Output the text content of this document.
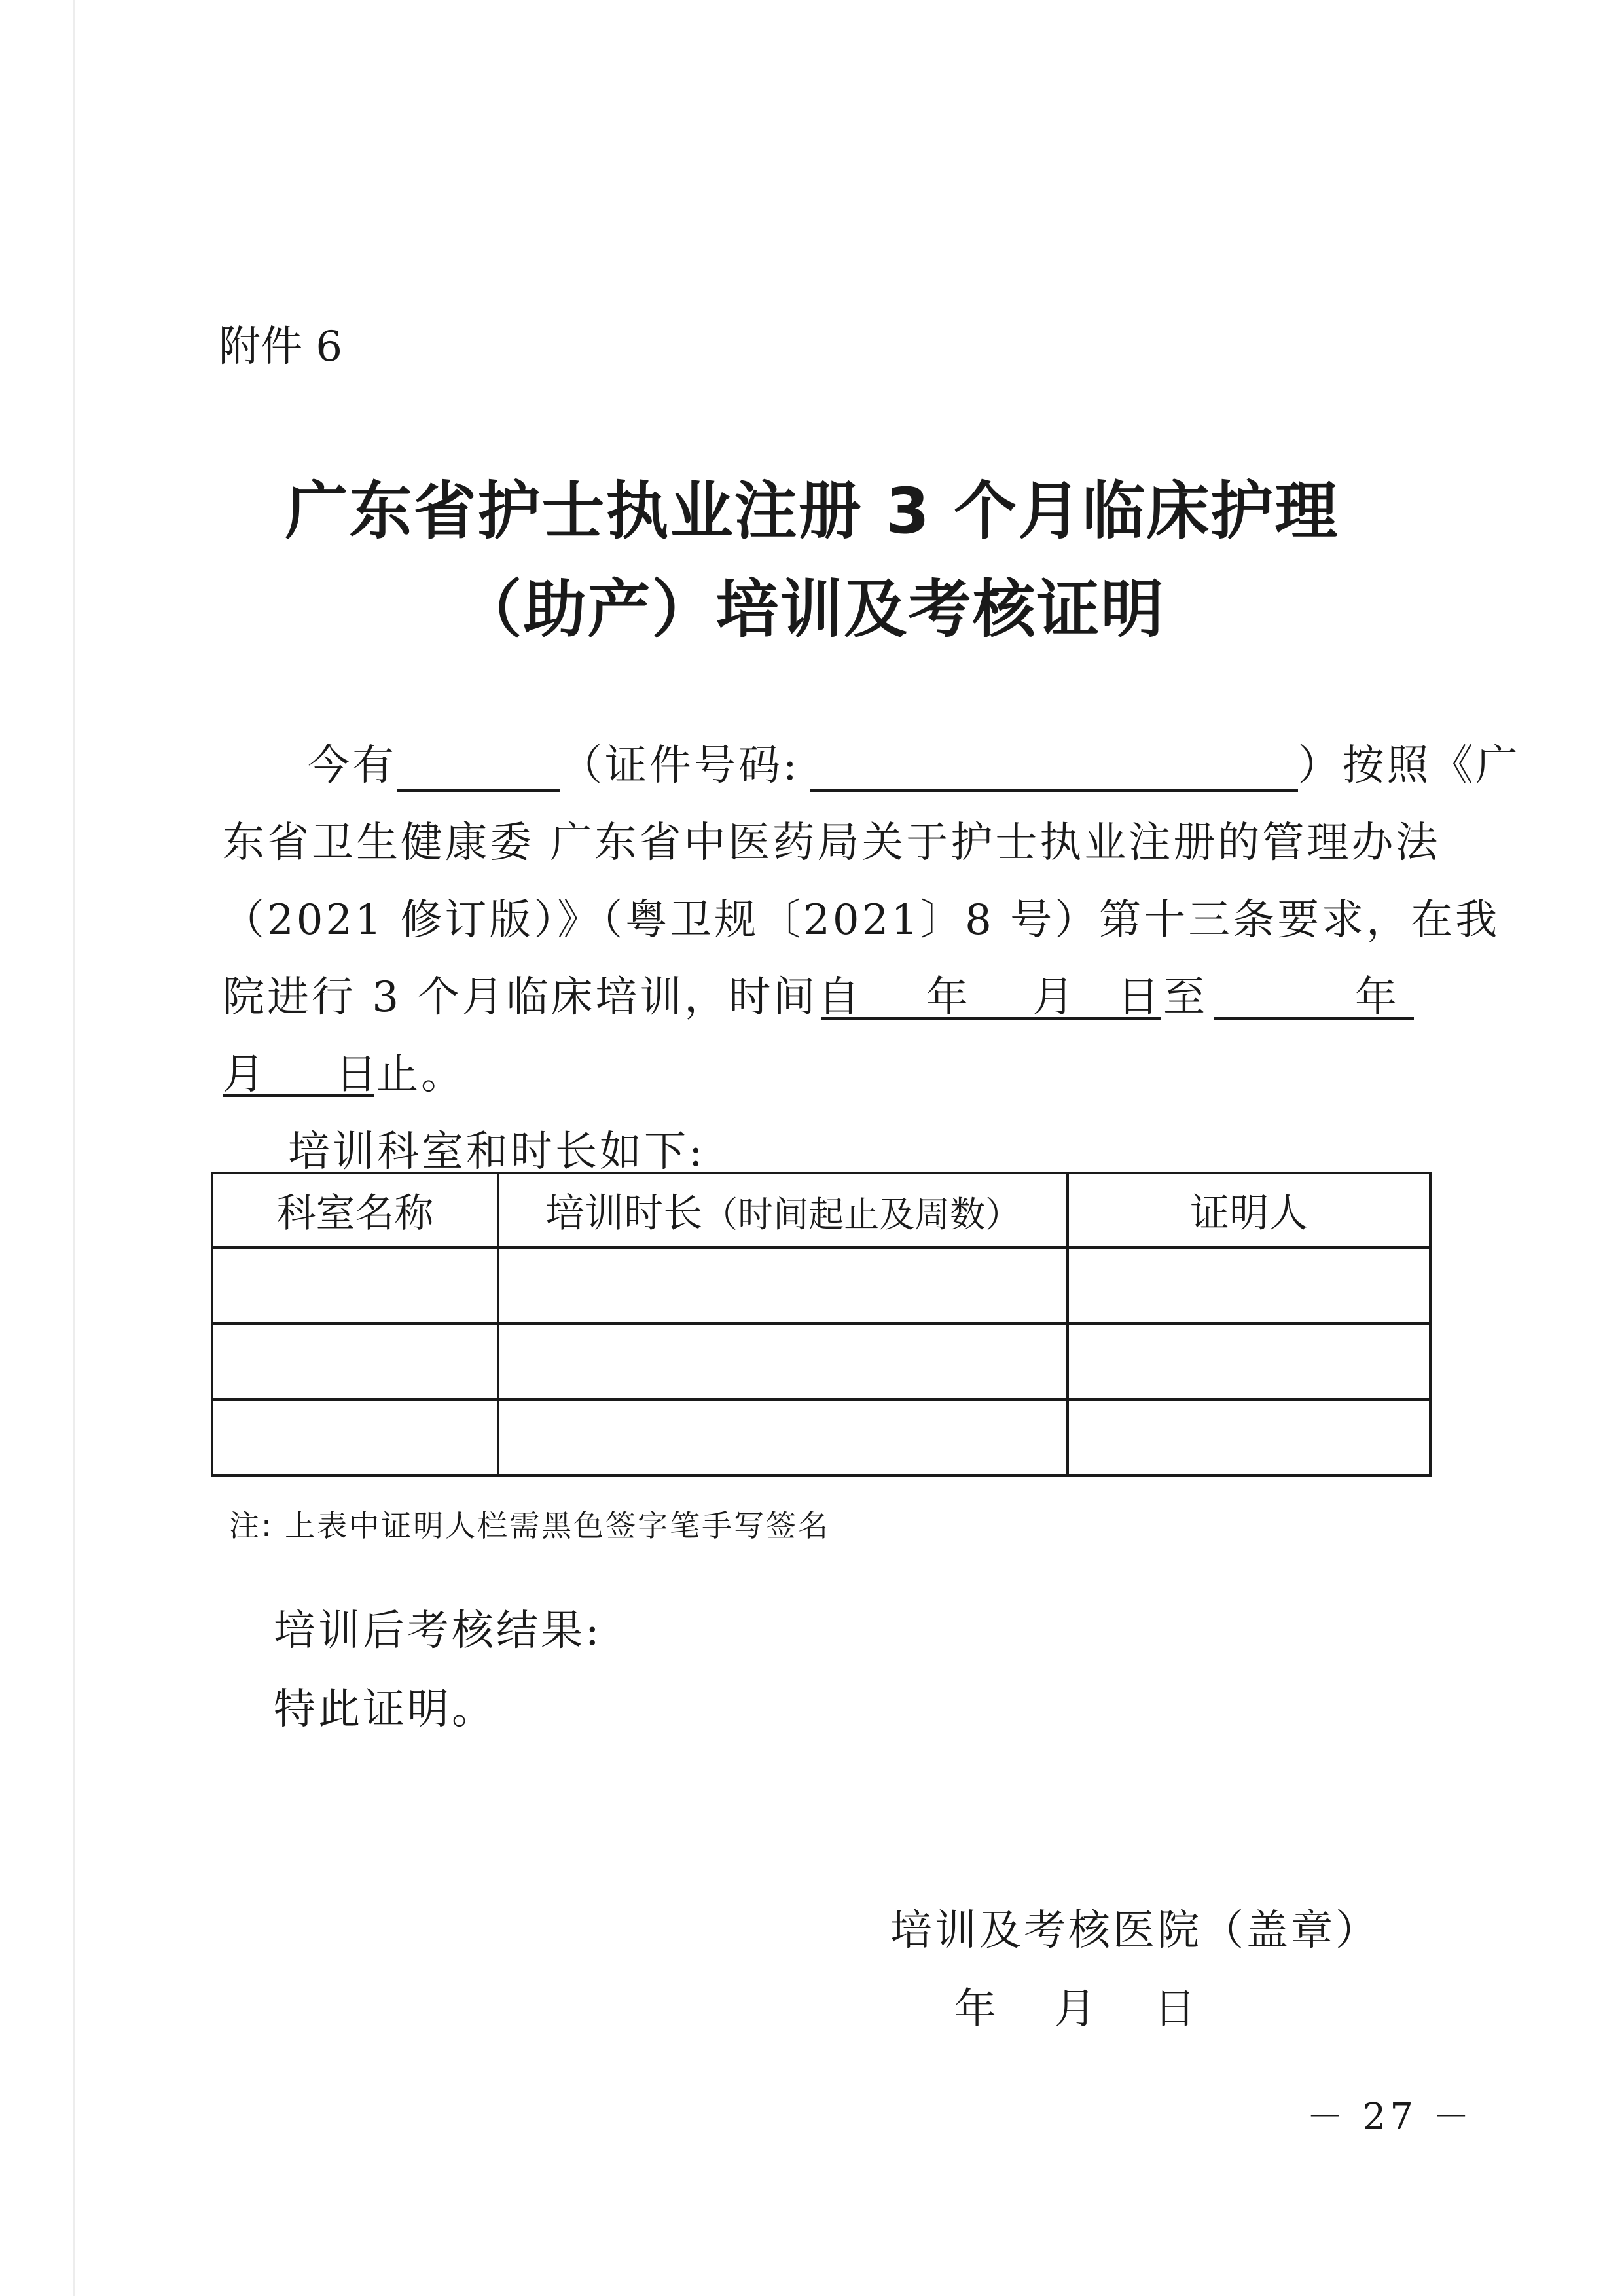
附件 6
广东省护士执业注册 3 个月临床护理
（助产）培训及考核证明
今有	（证件号码:	）按照《广
东省卫生健康委 广东省中医药局关于护士执业注册的管理办法
（2021 修订版）》（粤卫规〔2021〕8 号）第十三条要求，在我
院进行 3 个月临床培训，时间自 年 月 日 至	年
月 日 止。
培训科室和时长如下:
科室名称	培训时长（时间起止及周数）	证明人

注: 上表中证明人栏需黑色签字笔手写签名
培训后考核结果:
特此证明。
培训及考核医院（盖章）
年 月 日
－ 27 －
